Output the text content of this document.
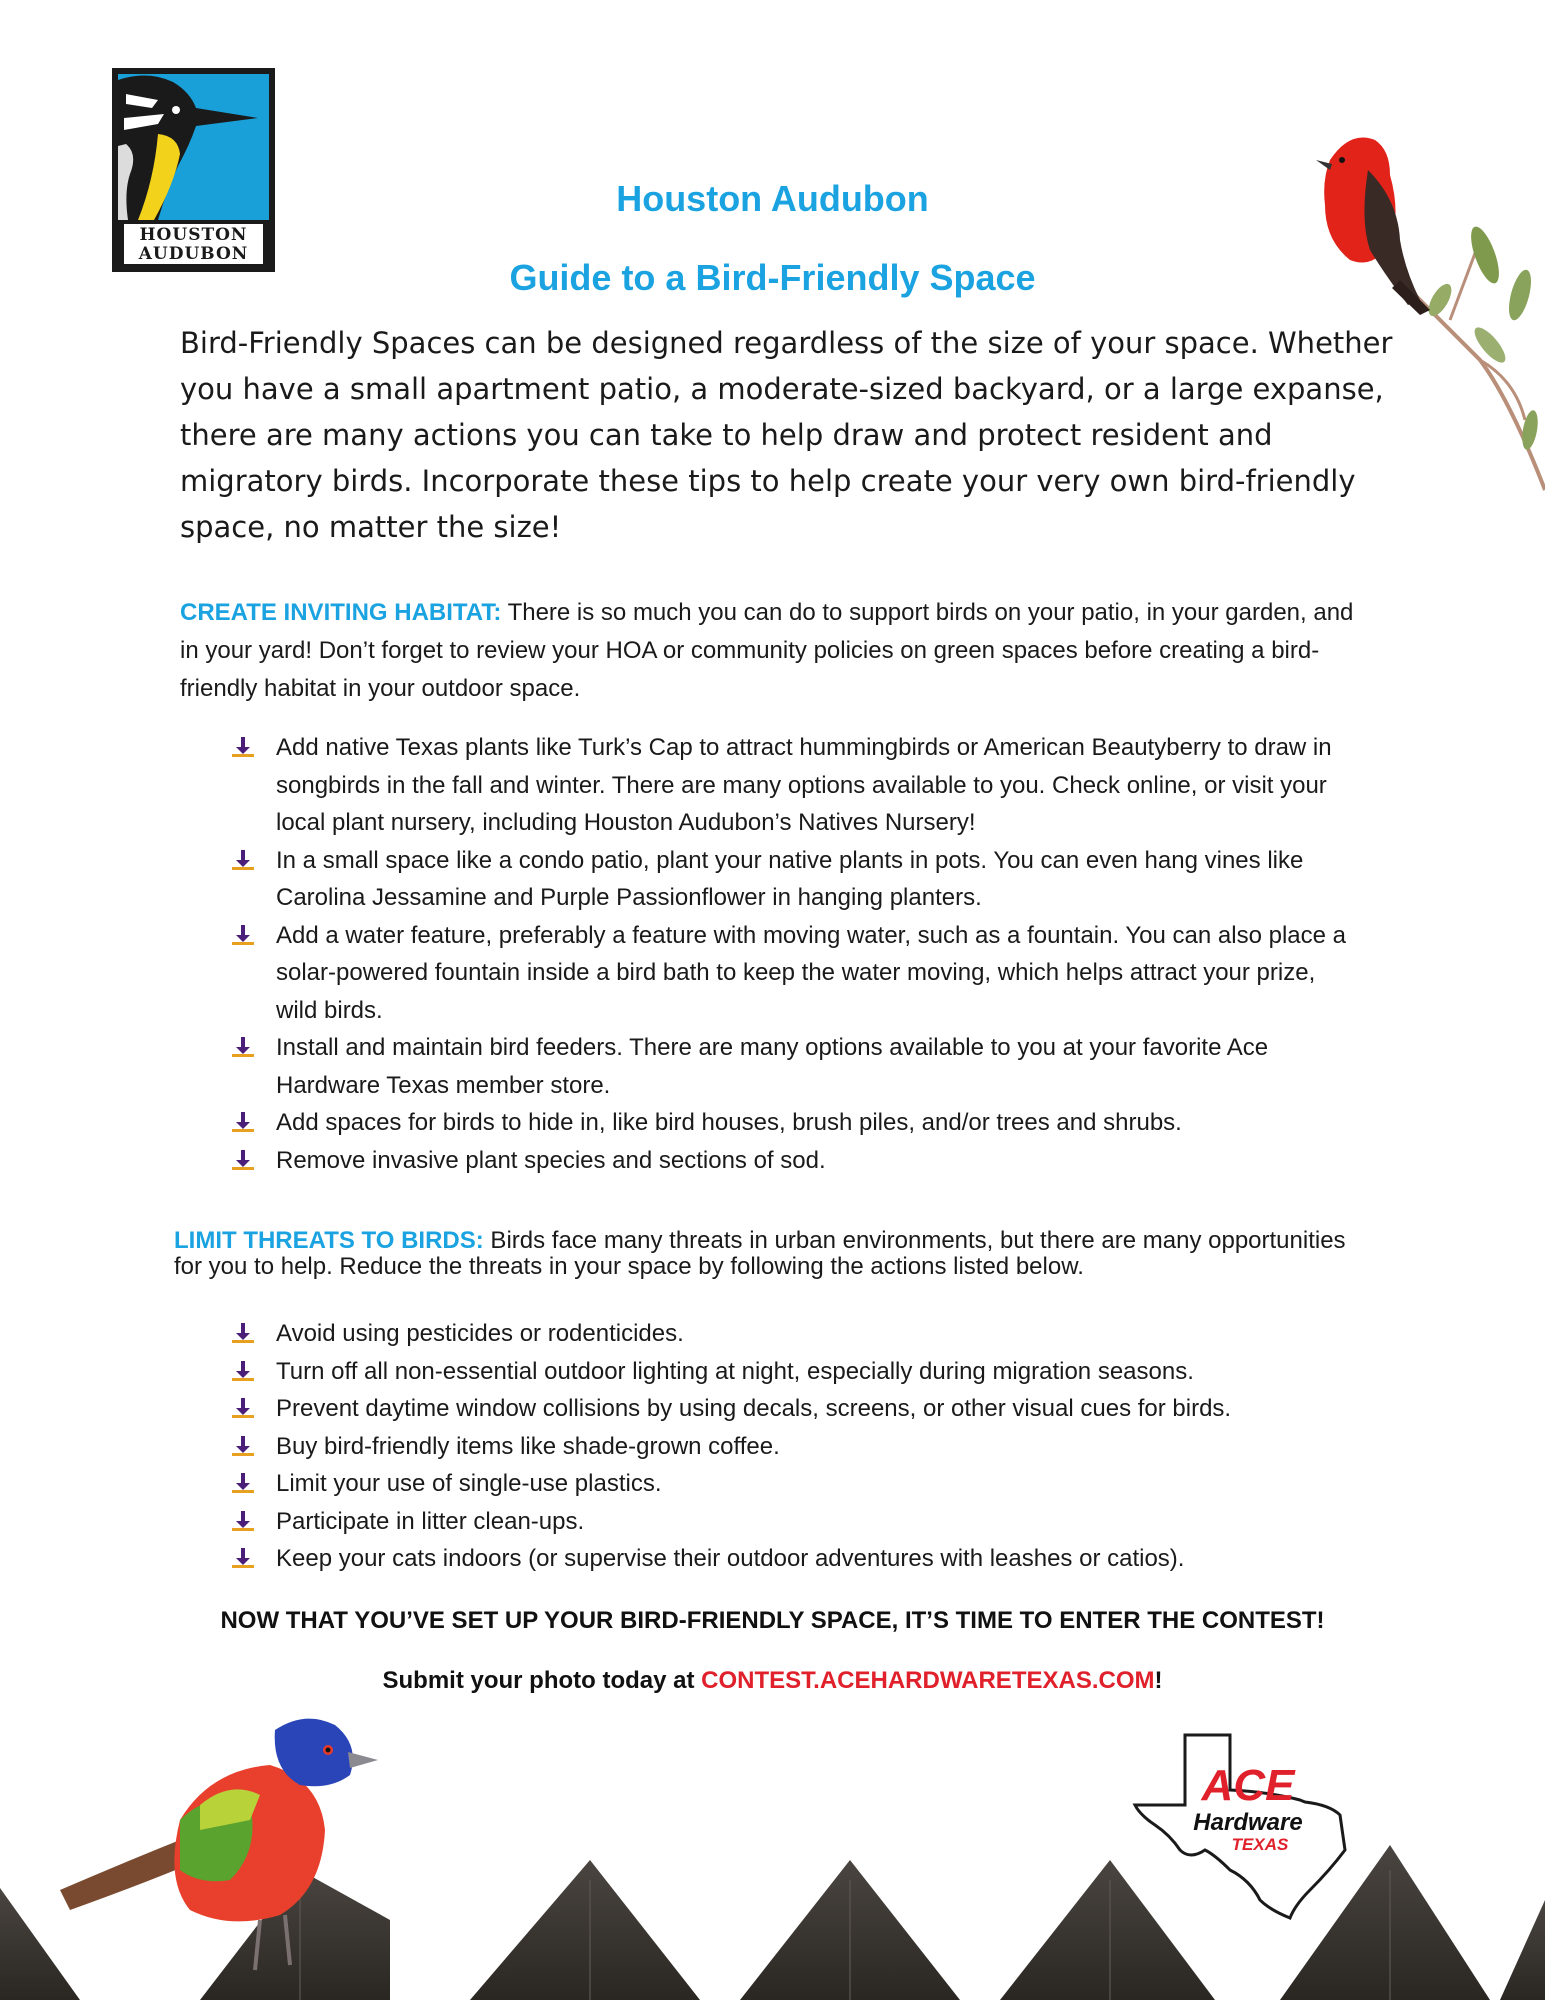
HOUSTON
AUDUBON
Houston Audubon
Guide to a Bird-Friendly Space
Bird-Friendly Spaces can be designed regardless of the size of your space. Whether you have a small apartment patio, a moderate-sized backyard, or a large expanse, there are many actions you can take to help draw and protect resident and migratory birds. Incorporate these tips to help create your very own bird-friendly space, no matter the size!
CREATE INVITING HABITAT: There is so much you can do to support birds on your patio, in your garden, and in your yard! Don’t forget to review your HOA or community policies on green spaces before creating a bird-friendly habitat in your outdoor space.
Add native Texas plants like Turk’s Cap to attract hummingbirds or American Beautyberry to draw in songbirds in the fall and winter. There are many options available to you. Check online, or visit your local plant nursery, including Houston Audubon’s Natives Nursery!
In a small space like a condo patio, plant your native plants in pots. You can even hang vines like Carolina Jessamine and Purple Passionflower in hanging planters.
Add a water feature, preferably a feature with moving water, such as a fountain. You can also place a solar-powered fountain inside a bird bath to keep the water moving, which helps attract your prize, wild birds.
Install and maintain bird feeders. There are many options available to you at your favorite Ace Hardware Texas member store.
Add spaces for birds to hide in, like bird houses, brush piles, and/or trees and shrubs.
Remove invasive plant species and sections of sod.
LIMIT THREATS TO BIRDS: Birds face many threats in urban environments, but there are many opportunities for you to help. Reduce the threats in your space by following the actions listed below.
Avoid using pesticides or rodenticides.
Turn off all non-essential outdoor lighting at night, especially during migration seasons.
Prevent daytime window collisions by using decals, screens, or other visual cues for birds.
Buy bird-friendly items like shade-grown coffee.
Limit your use of single-use plastics.
Participate in litter clean-ups.
Keep your cats indoors (or supervise their outdoor adventures with leashes or catios).
NOW THAT YOU’VE SET UP YOUR BIRD-FRIENDLY SPACE, IT’S TIME TO ENTER THE CONTEST!
Submit your photo today at CONTEST.ACEHARDWARETEXAS.COM!
ACE
Hardware
TEXAS
